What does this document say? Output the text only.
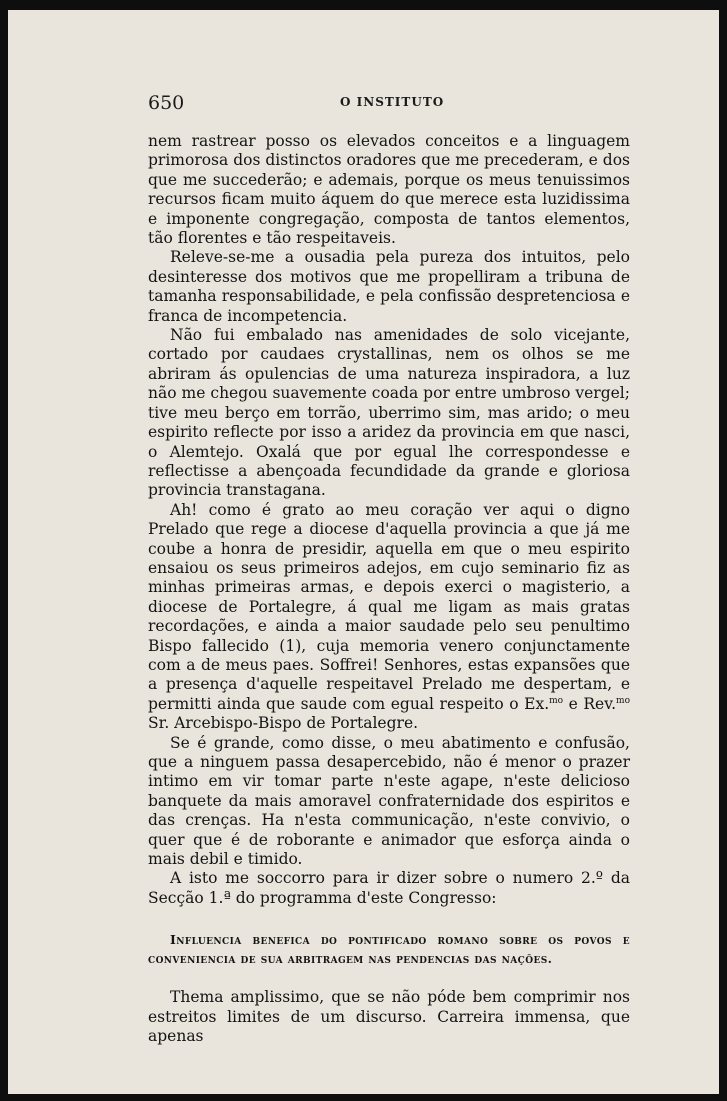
650	O INSTITUTO

nem rastrear posso os elevados conceitos e a linguagem primorosa dos distinctos oradores que me precederam, e dos que me succederão; e ademais, porque os meus tenuissimos recursos ficam muito áquem do que merece esta luzidissima e imponente congregação, composta de tantos elementos, tão florentes e tão respeitaveis.

Releve-se-me a ousadia pela pureza dos intuitos, pelo desinteresse dos motivos que me propelliram a tribuna de tamanha responsabilidade, e pela confissão despretenciosa e franca de incompetencia.

Não fui embalado nas amenidades de solo vicejante, cortado por caudaes crystallinas, nem os olhos se me abriram ás opulencias de uma natureza inspiradora, a luz não me chegou suavemente coada por entre umbroso vergel; tive meu berço em torrão, uberrimo sim, mas arido; o meu espirito reflecte por isso a aridez da provincia em que nasci, o Alemtejo. Oxalá que por egual lhe correspondesse e reflectisse a abençoada fecundidade da grande e gloriosa provincia transtagana.

Ah! como é grato ao meu coração ver aqui o digno Prelado que rege a diocese d'aquella provincia a que já me coube a honra de presidir, aquella em que o meu espirito ensaiou os seus primeiros adejos, em cujo seminario fiz as minhas primeiras armas, e depois exerci o magisterio, a diocese de Portalegre, á qual me ligam as mais gratas recordações, e ainda a maior saudade pelo seu penultimo Bispo fallecido (1), cuja memoria venero conjunctamente com a de meus paes. Soffrei! Senhores, estas expansões que a presença d'aquelle respeitavel Prelado me despertam, e permitti ainda que saude com egual respeito o Ex.$^{mo}$ e Rev.$^{mo}$ Sr. Arcebispo-Bispo de Portalegre.

Se é grande, como disse, o meu abatimento e confusão, que a ninguem passa desapercebido, não é menor o prazer intimo em vir tomar parte n'este agape, n'este delicioso banquete da mais amoravel confraternidade dos espiritos e das crenças. Ha n'esta communicação, n'este convivio, o quer que é de roborante e animador que esforça ainda o mais debil e timido.

A isto me soccorro para ir dizer sobre o numero 2.º da Secção 1.ª do programma d'este Congresso:

Influencia benefica do pontificado romano sobre os povos e conveniencia de sua arbitragem nas pendencias das nações.

Thema amplissimo, que se não póde bem comprimir nos estreitos limites de um discurso. Carreira immensa, que apenas
